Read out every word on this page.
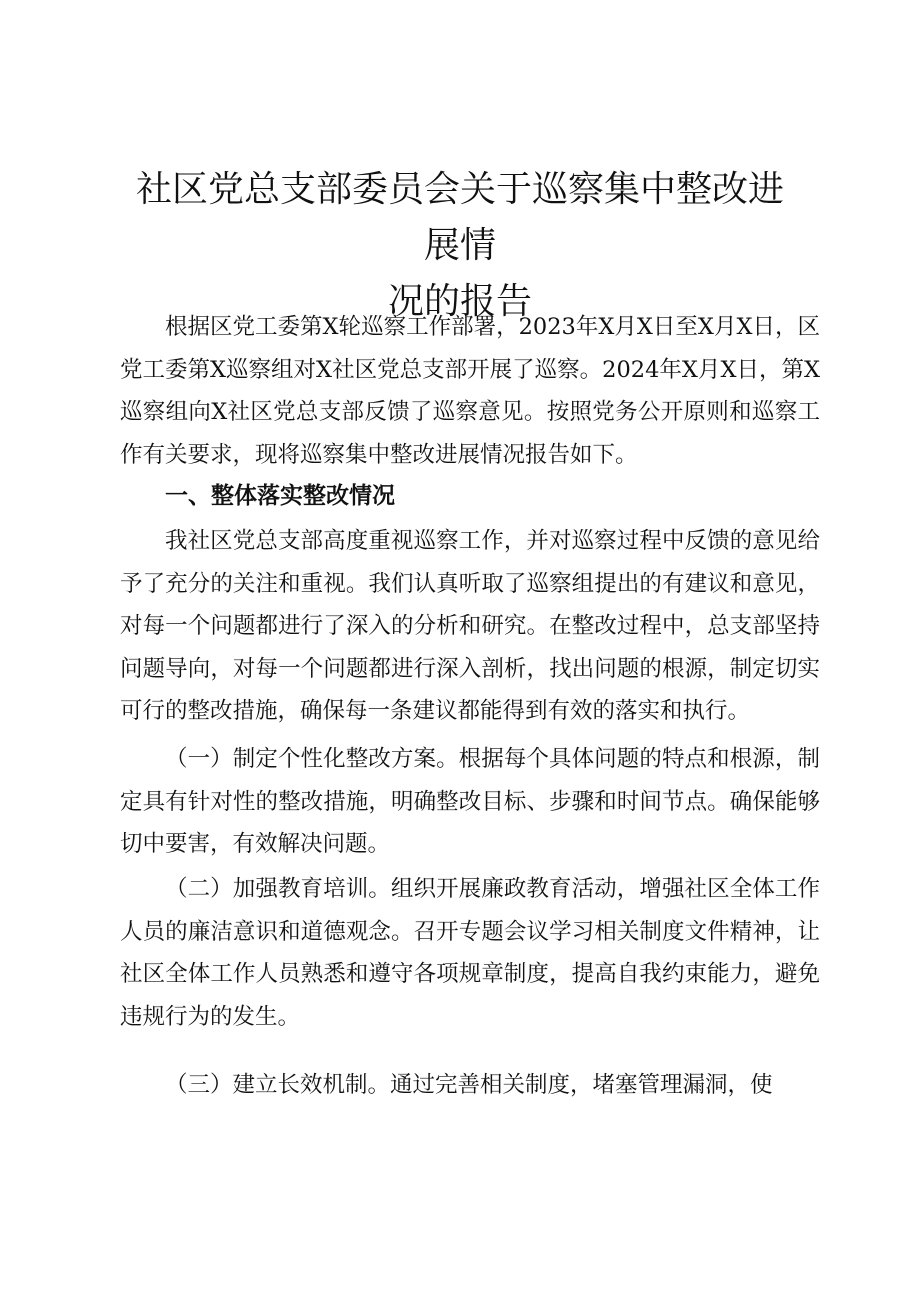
社区党总支部委员会关于巡察集中整改进展情
况的报告

根据区党工委第X轮巡察工作部署，2023年X月X日至X月X日，区党工委第X巡察组对X社区党总支部开展了巡察。2024年X月X日，第X巡察组向X社区党总支部反馈了巡察意见。按照党务公开原则和巡察工作有关要求，现将巡察集中整改进展情况报告如下。

一、整体落实整改情况

我社区党总支部高度重视巡察工作，并对巡察过程中反馈的意见给予了充分的关注和重视。我们认真听取了巡察组提出的有建议和意见，对每一个问题都进行了深入的分析和研究。在整改过程中，总支部坚持问题导向，对每一个问题都进行深入剖析，找出问题的根源，制定切实可行的整改措施，确保每一条建议都能得到有效的落实和执行。

（一）制定个性化整改方案。根据每个具体问题的特点和根源，制定具有针对性的整改措施，明确整改目标、步骤和时间节点。确保能够切中要害，有效解决问题。

（二）加强教育培训。组织开展廉政教育活动，增强社区全体工作人员的廉洁意识和道德观念。召开专题会议学习相关制度文件精神，让社区全体工作人员熟悉和遵守各项规章制度，提高自我约束能力，避免违规行为的发生。

（三）建立长效机制。通过完善相关制度，堵塞管理漏洞，使
